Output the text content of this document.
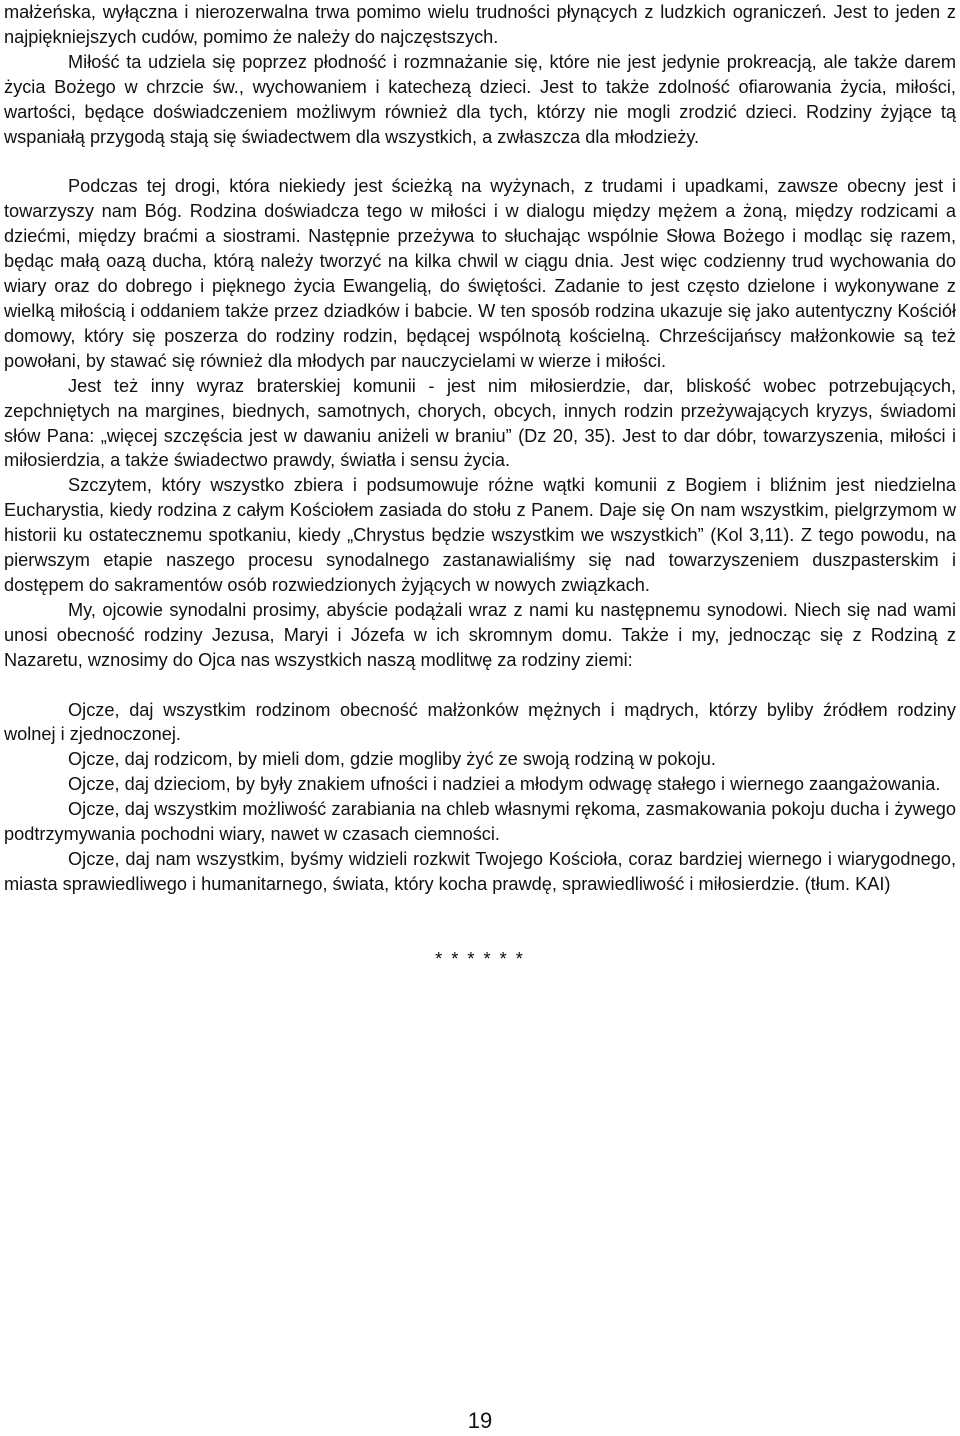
małżeńska, wyłączna i nierozerwalna trwa pomimo wielu trudności płynących z ludzkich ograniczeń. Jest to jeden z najpiękniejszych cudów, pomimo że należy do najczęstszych.

Miłość ta udziela się poprzez płodność i rozmnażanie się, które nie jest jedynie prokreacją, ale także darem życia Bożego w chrzcie św., wychowaniem i katechezą dzieci. Jest to także zdolność ofiarowania życia, miłości, wartości, będące doświadczeniem możliwym również dla tych, którzy nie mogli zrodzić dzieci. Rodziny żyjące tą wspaniałą przygodą stają się świadectwem dla wszystkich, a zwłaszcza dla młodzieży.

Podczas tej drogi, która niekiedy jest ścieżką na wyżynach, z trudami i upadkami, zawsze obecny jest i towarzyszy nam Bóg. Rodzina doświadcza tego w miłości i w dialogu między mężem a żoną, między rodzicami a dziećmi, między braćmi a siostrami. Następnie przeżywa to słuchając wspólnie Słowa Bożego i modląc się razem, będąc małą oazą ducha, którą należy tworzyć na kilka chwil w ciągu dnia. Jest więc codzienny trud wychowania do wiary oraz do dobrego i pięknego życia Ewangelią, do świętości. Zadanie to jest często dzielone i wykonywane z wielką miłością i oddaniem także przez dziadków i babcie. W ten sposób rodzina ukazuje się jako autentyczny Kościół domowy, który się poszerza do rodziny rodzin, będącej wspólnotą kościelną. Chrześcijańscy małżonkowie są też powołani, by stawać się również dla młodych par nauczycielami w wierze i miłości.

Jest też inny wyraz braterskiej komunii - jest nim miłosierdzie, dar, bliskość wobec potrzebujących, zepchniętych na margines, biednych, samotnych, chorych, obcych, innych rodzin przeżywających kryzys, świadomi słów Pana: „więcej szczęścia jest w dawaniu aniżeli w braniu” (Dz 20, 35). Jest to dar dóbr, towarzyszenia, miłości i miłosierdzia, a także świadectwo prawdy, światła i sensu życia.

Szczytem, który wszystko zbiera i podsumowuje różne wątki komunii z Bogiem i bliźnim jest niedzielna Eucharystia, kiedy rodzina z całym Kościołem zasiada do stołu z Panem. Daje się On nam wszystkim, pielgrzymom w historii ku ostatecznemu spotkaniu, kiedy „Chrystus będzie wszystkim we wszystkich” (Kol 3,11). Z tego powodu, na pierwszym etapie naszego procesu synodalnego zastanawialiśmy się nad towarzyszeniem duszpasterskim i dostępem do sakramentów osób rozwiedzionych żyjących w nowych związkach.

My, ojcowie synodalni prosimy, abyście podążali wraz z nami ku następnemu synodowi. Niech się nad wami unosi obecność rodziny Jezusa, Maryi i Józefa w ich skromnym domu. Także i my, jednocząc się z Rodziną z Nazaretu, wznosimy do Ojca nas wszystkich naszą modlitwę za rodziny ziemi:

Ojcze, daj wszystkim rodzinom obecność małżonków mężnych i mądrych, którzy byliby źródłem rodziny wolnej i zjednoczonej.

Ojcze, daj rodzicom, by mieli dom, gdzie mogliby żyć ze swoją rodziną w pokoju.

Ojcze, daj dzieciom, by były znakiem ufności i nadziei a młodym odwagę stałego i wiernego zaangażowania.

Ojcze, daj wszystkim możliwość zarabiania na chleb własnymi rękoma, zasmakowania pokoju ducha i żywego podtrzymywania pochodni wiary, nawet w czasach ciemności.

Ojcze, daj nam wszystkim, byśmy widzieli rozkwit Twojego Kościoła, coraz bardziej wiernego i wiarygodnego, miasta sprawiedliwego i humanitarnego, świata, który kocha prawdę, sprawiedliwość i miłosierdzie. (tłum. KAI)

* * * * * *
19
